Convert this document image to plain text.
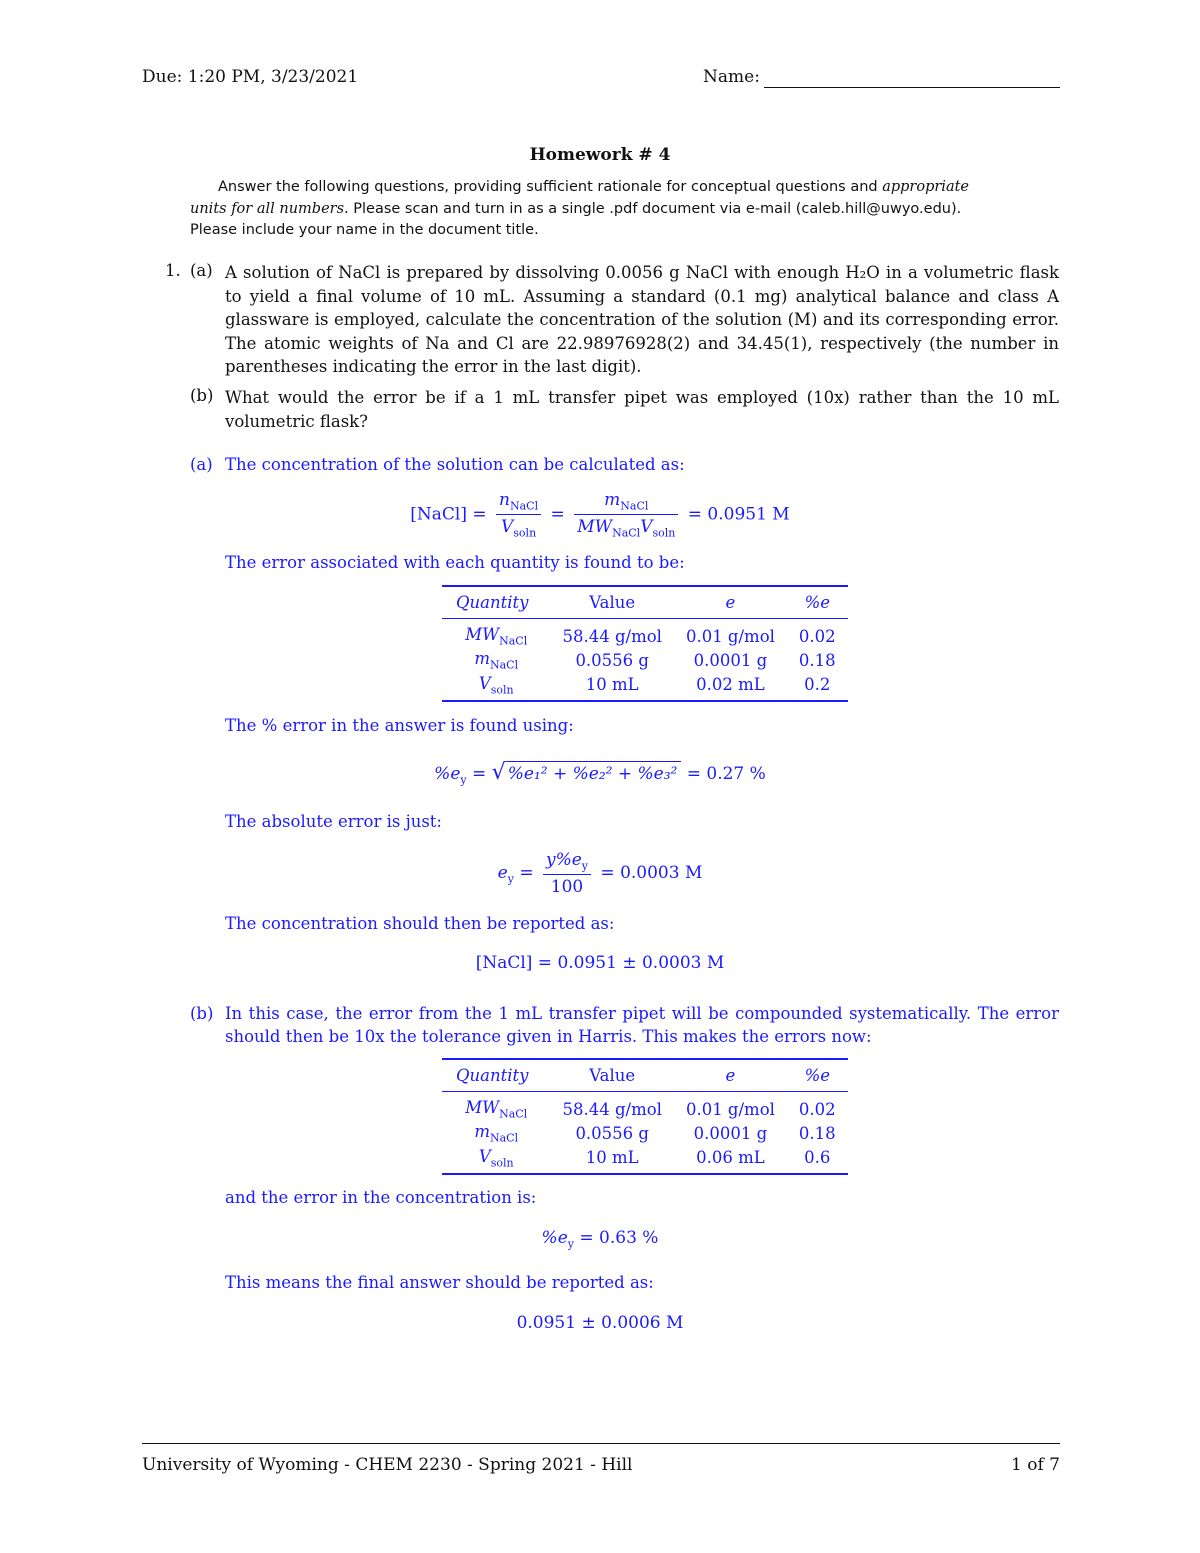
Due: 1:20 PM, 3/23/2021	Name:
Homework # 4
Answer the following questions, providing sufficient rationale for conceptual questions and appropriate
units for all numbers. Please scan and turn in as a single .pdf document via e-mail (caleb.hill@uwyo.edu).
Please include your name in the document title.
1. (a) A solution of NaCl is prepared by dissolving 0.0056 g NaCl with enough H₂O in a volumetric flask to yield a final volume of 10 mL. Assuming a standard (0.1 mg) analytical balance and class A glassware is employed, calculate the concentration of the solution (M) and its corresponding error. The atomic weights of Na and Cl are 22.98976928(2) and 34.45(1), respectively (the number in parentheses indicating the error in the last digit).
(b) What would the error be if a 1 mL transfer pipet was employed (10x) rather than the 10 mL volumetric flask?
(a) The concentration of the solution can be calculated as:
[NaCl] = $\frac{n_{NaCl}}{V_{soln}} = \frac{m_{NaCl}}{MW_{NaCl}V_{soln}} = 0.0951$ M
The error associated with each quantity is found to be:
Quantity	Value	e	%e
$MW_{NaCl}$	58.44 g/mol	0.01 g/mol	0.02
$m_{NaCl}$	0.0556 g	0.0001 g	0.18
$V_{soln}$	10 mL	0.02 mL	0.2
The % error in the answer is found using:
$\%e_y$ = √ %e₁² + %e₂² + %e₃² = 0.27 %
The absolute error is just:
$e_y = \frac{y\%e_y}{100} = 0.0003$ M
The concentration should then be reported as:
[NaCl] = 0.0951 ± 0.0003 M
(b) In this case, the error from the 1 mL transfer pipet will be compounded systematically. The error should then be 10x the tolerance given in Harris. This makes the errors now:
Quantity	Value	e	%e
$MW_{NaCl}$	58.44 g/mol	0.01 g/mol	0.02
$m_{NaCl}$	0.0556 g	0.0001 g	0.18
$V_{soln}$	10 mL	0.06 mL	0.6
and the error in the concentration is:
$\%e_y = 0.63$ %
This means the final answer should be reported as:
0.0951 ± 0.0006 M
University of Wyoming - CHEM 2230 - Spring 2021 - Hill	1 of 7
